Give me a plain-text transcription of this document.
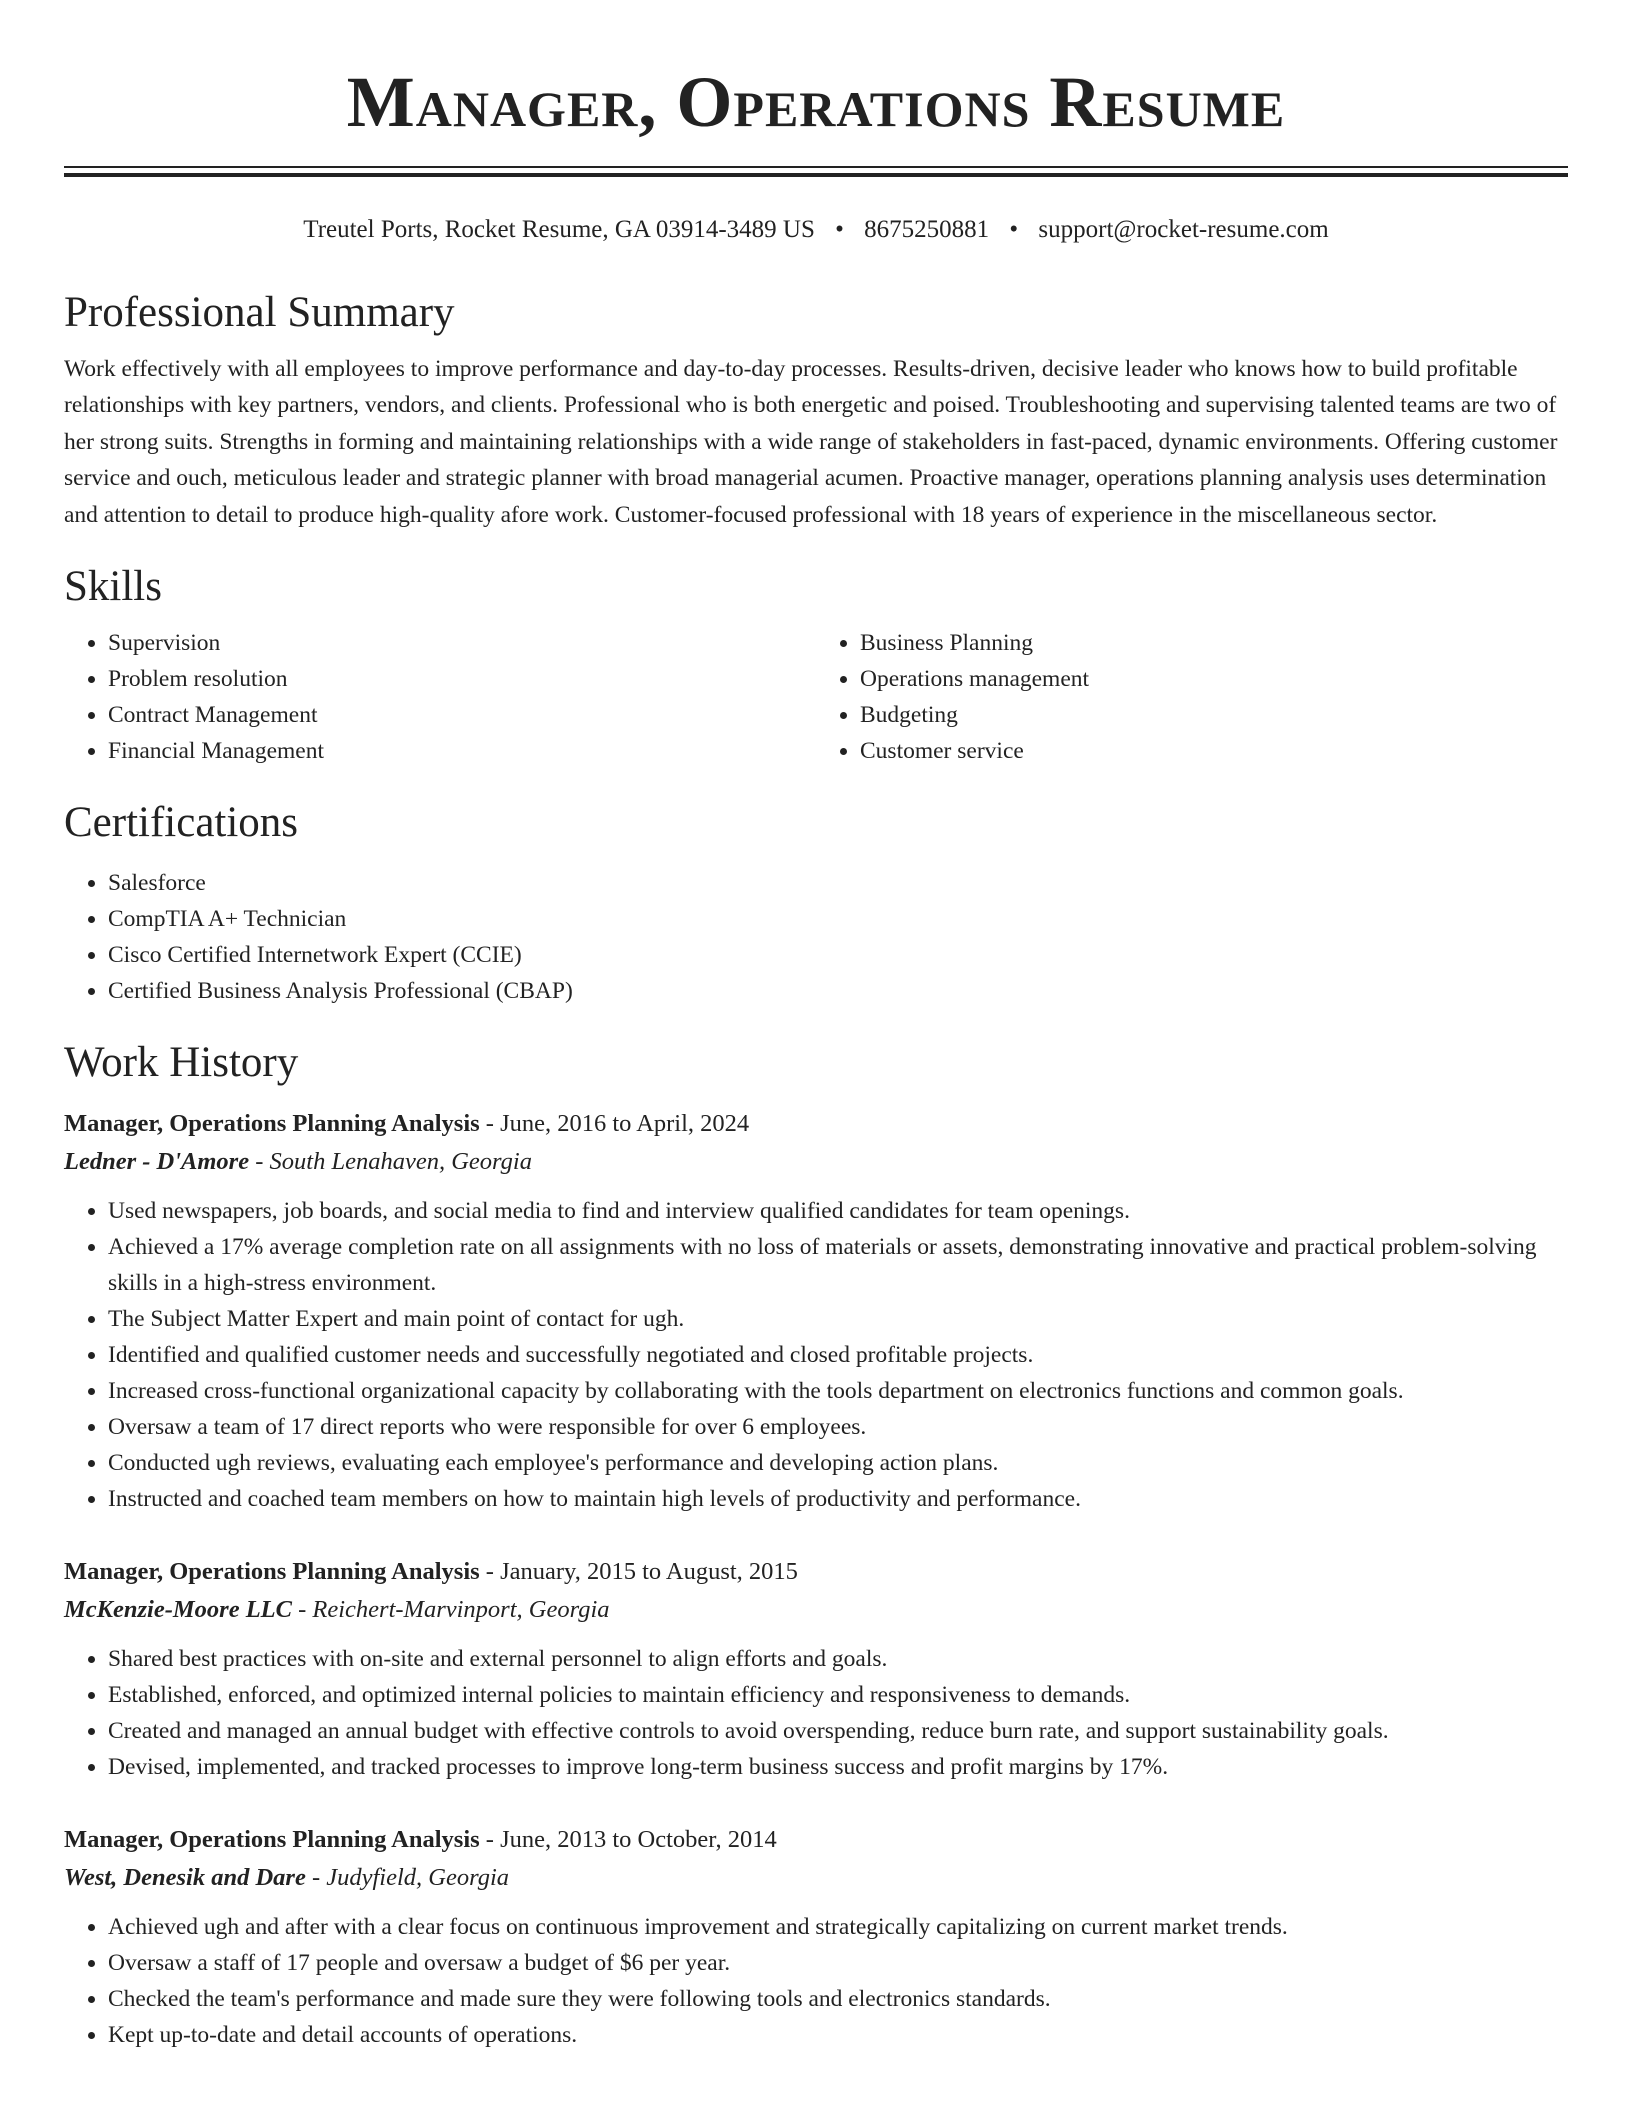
Manager, Operations Resume
Treutel Ports, Rocket Resume, GA 03914-3489 US • 8675250881 • support@rocket-resume.com
Professional Summary

Work effectively with all employees to improve performance and day-to-day processes. Results-driven, decisive leader who knows how to build profitable relationships with key partners, vendors, and clients. Professional who is both energetic and poised. Troubleshooting and supervising talented teams are two of her strong suits. Strengths in forming and maintaining relationships with a wide range of stakeholders in fast-paced, dynamic environments. Offering customer service and ouch, meticulous leader and strategic planner with broad managerial acumen. Proactive manager, operations planning analysis uses determination and attention to detail to produce high-quality afore work. Customer-focused professional with 18 years of experience in the miscellaneous sector.

Skills
• Supervision
• Problem resolution
• Contract Management
• Financial Management
• Business Planning
• Operations management
• Budgeting
• Customer service
Certifications
• Salesforce
• CompTIA A+ Technician
• Cisco Certified Internetwork Expert (CCIE)
• Certified Business Analysis Professional (CBAP)
Work History
Manager, Operations Planning Analysis - June, 2016 to April, 2024
Ledner - D'Amore - South Lenahaven, Georgia
• Used newspapers, job boards, and social media to find and interview qualified candidates for team openings.
• Achieved a 17% average completion rate on all assignments with no loss of materials or assets, demonstrating innovative and practical problem-solving skills in a high-stress environment.
• The Subject Matter Expert and main point of contact for ugh.
• Identified and qualified customer needs and successfully negotiated and closed profitable projects.
• Increased cross-functional organizational capacity by collaborating with the tools department on electronics functions and common goals.
• Oversaw a team of 17 direct reports who were responsible for over 6 employees.
• Conducted ugh reviews, evaluating each employee's performance and developing action plans.
• Instructed and coached team members on how to maintain high levels of productivity and performance.
Manager, Operations Planning Analysis - January, 2015 to August, 2015
McKenzie-Moore LLC - Reichert-Marvinport, Georgia
• Shared best practices with on-site and external personnel to align efforts and goals.
• Established, enforced, and optimized internal policies to maintain efficiency and responsiveness to demands.
• Created and managed an annual budget with effective controls to avoid overspending, reduce burn rate, and support sustainability goals.
• Devised, implemented, and tracked processes to improve long-term business success and profit margins by 17%.
Manager, Operations Planning Analysis - June, 2013 to October, 2014
West, Denesik and Dare - Judyfield, Georgia
• Achieved ugh and after with a clear focus on continuous improvement and strategically capitalizing on current market trends.
• Oversaw a staff of 17 people and oversaw a budget of $6 per year.
• Checked the team's performance and made sure they were following tools and electronics standards.
• Kept up-to-date and detail accounts of operations.
